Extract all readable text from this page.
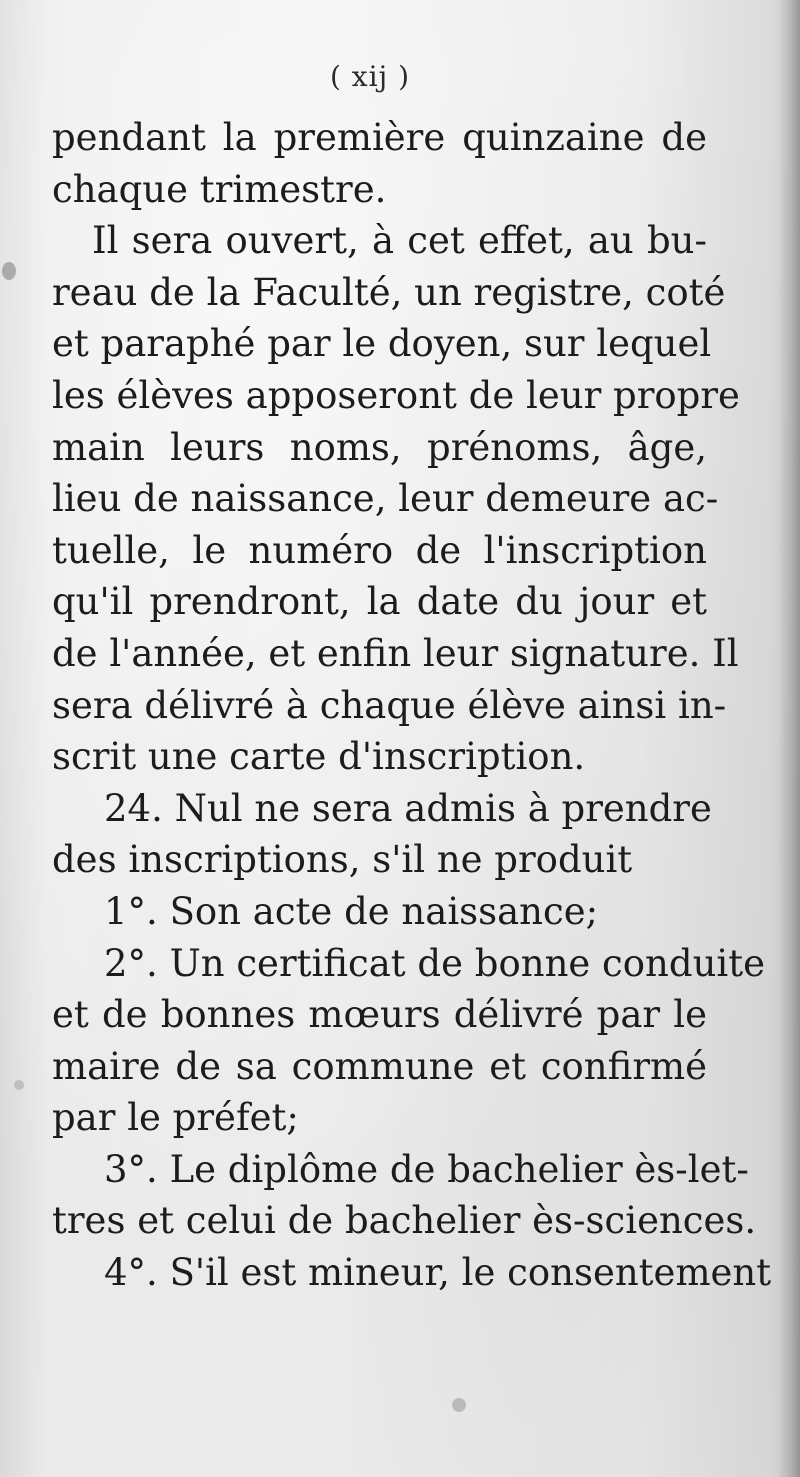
( xij )
pendant la première quinzaine de
chaque trimestre.
Il sera ouvert, à cet effet, au bu-
reau de la Faculté, un registre, coté
et paraphé par le doyen, sur lequel
les élèves apposeront de leur propre
main leurs noms, prénoms, âge,
lieu de naissance, leur demeure ac-
tuelle, le numéro de l'inscription
qu'il prendront, la date du jour et
de l'année, et enfin leur signature. Il
sera délivré à chaque élève ainsi in-
scrit une carte d'inscription.
24. Nul ne sera admis à prendre
des inscriptions, s'il ne produit
1°. Son acte de naissance;
2°. Un certificat de bonne conduite
et de bonnes mœurs délivré par le
maire de sa commune et confirmé
par le préfet;
3°. Le diplôme de bachelier ès-let-
tres et celui de bachelier ès-sciences.
4°. S'il est mineur, le consentement
